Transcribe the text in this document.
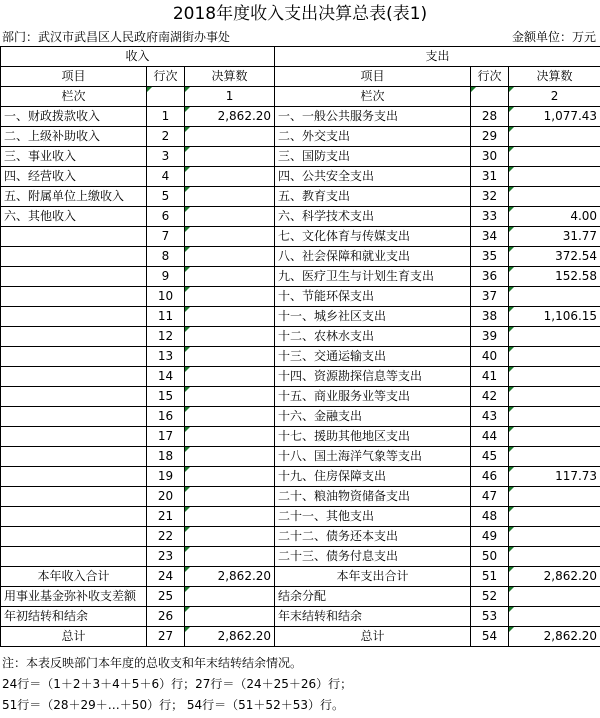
2018年度收入支出决算总表(表1)
部门：武汉市武昌区人民政府南湖街办事处	金额单位：万元
收入			支出		
项目	行次	决算数	项目	行次	决算数
栏次		1	栏次		2
一、财政拨款收入	1	2,862.20	一、一般公共服务支出	28	1,077.43
二、上级补助收入	2		二、外交支出	29	
三、事业收入	3		三、国防支出	30	
四、经营收入	4		四、公共安全支出	31	
五、附属单位上缴收入	5		五、教育支出	32	
六、其他收入	6		六、科学技术支出	33	4.00
	7		七、文化体育与传媒支出	34	31.77
	8		八、社会保障和就业支出	35	372.54
	9		九、医疗卫生与计划生育支出	36	152.58
	10		十、节能环保支出	37	
	11		十一、城乡社区支出	38	1,106.15
	12		十二、农林水支出	39	
	13		十三、交通运输支出	40	
	14		十四、资源勘探信息等支出	41	
	15		十五、商业服务业等支出	42	
	16		十六、金融支出	43	
	17		十七、援助其他地区支出	44	
	18		十八、国土海洋气象等支出	45	
	19		十九、住房保障支出	46	117.73
	20		二十、粮油物资储备支出	47	
	21		二十一、其他支出	48	
	22		二十二、债务还本支出	49	
	23		二十三、债务付息支出	50	
本年收入合计	24	2,862.20	本年支出合计	51	2,862.20
用事业基金弥补收支差额	25		结余分配	52	
年初结转和结余	26		年末结转和结余	53	
总计	27	2,862.20	总计	54	2,862.20
注：本表反映部门本年度的总收支和年末结转结余情况。
24行＝（1＋2＋3＋4＋5＋6）行；27行＝（24＋25＋26）行；
51行＝（28＋29＋…＋50）行； 54行＝（51＋52＋53）行。
